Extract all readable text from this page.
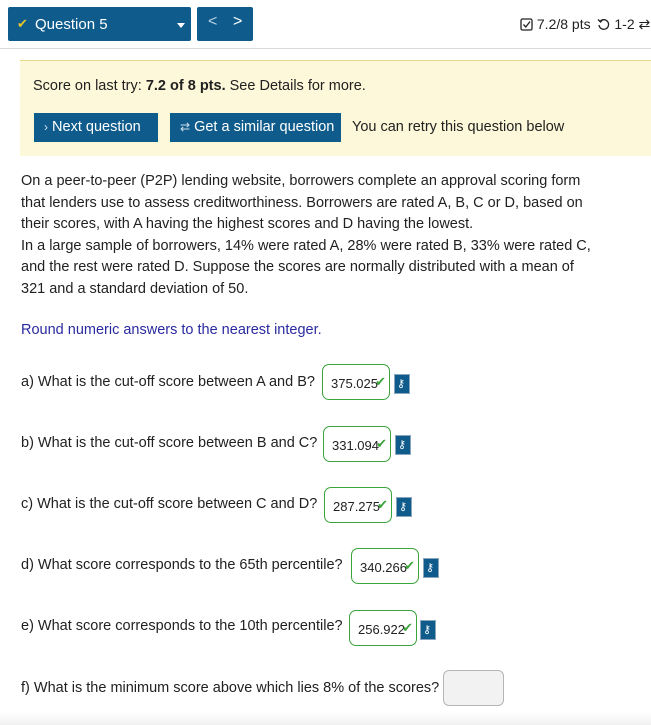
✔ Question 5	< >	7.2/8 pts 1-2 ⇄
Score on last try: 7.2 of 8 pts. See Details for more.
› Next question	⇄ Get a similar question	You can retry this question below

On a peer-to-peer (P2P) lending website, borrowers complete an approval scoring form that lenders use to assess creditworthiness. Borrowers are rated A, B, C or D, based on their scores, with A having the highest scores and D having the lowest.

In a large sample of borrowers, 14% were rated A, 28% were rated B, 33% were rated C, and the rest were rated D. Suppose the scores are normally distributed with a mean of 321 and a standard deviation of 50.

Round numeric answers to the nearest integer.
a) What is the cut-off score between A and B?	375.025
✔ ⚷
b) What is the cut-off score between B and C?	331.094
✔ ⚷
c) What is the cut-off score between C and D?	287.275
✔ ⚷
d) What score corresponds to the 65th percentile?	340.266
✔ ⚷
e) What score corresponds to the 10th percentile?	256.922
✔ ⚷
f) What is the minimum score above which lies 8% of the scores?
